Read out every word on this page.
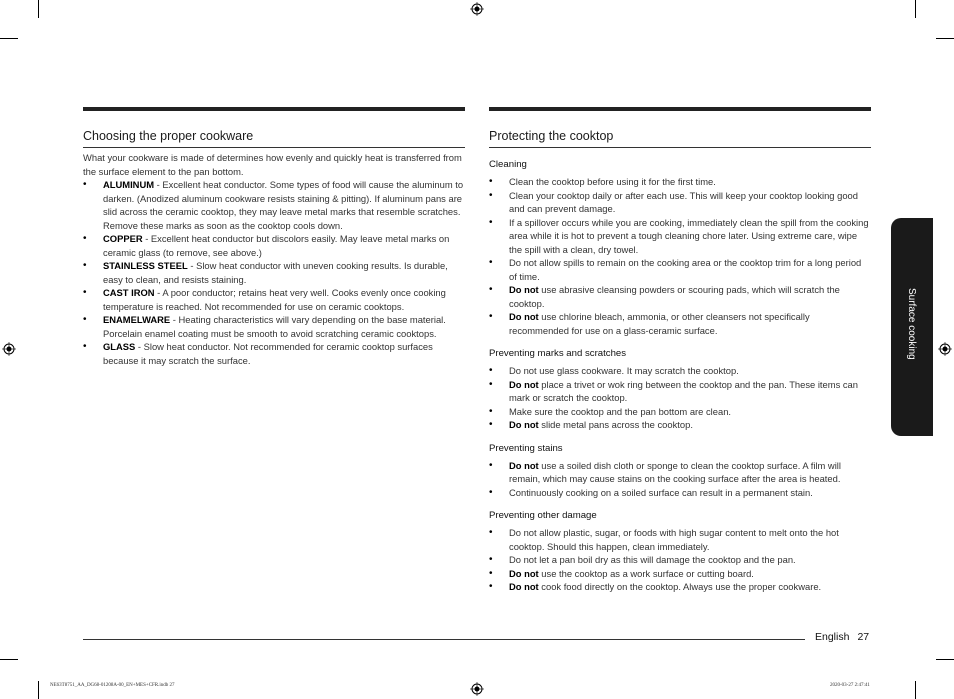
Choosing the proper cookware

What your cookware is made of determines how evenly and quickly heat is transferred from the surface element to the pan bottom.

• ALUMINUM - Excellent heat conductor. Some types of food will cause the aluminum to darken. (Anodized aluminum cookware resists staining & pitting). If aluminum pans are slid across the ceramic cooktop, they may leave metal marks that resemble scratches. Remove these marks as soon as the cooktop cools down.
• COPPER - Excellent heat conductor but discolors easily. May leave metal marks on ceramic glass (to remove, see above.)
• STAINLESS STEEL - Slow heat conductor with uneven cooking results. Is durable, easy to clean, and resists staining.
• CAST IRON - A poor conductor; retains heat very well. Cooks evenly once cooking temperature is reached. Not recommended for use on ceramic cooktops.
• ENAMELWARE - Heating characteristics will vary depending on the base material. Porcelain enamel coating must be smooth to avoid scratching ceramic cooktops.
• GLASS - Slow heat conductor. Not recommended for ceramic cooktop surfaces because it may scratch the surface.
Protecting the cooktop
Cleaning
• Clean the cooktop before using it for the first time.
• Clean your cooktop daily or after each use. This will keep your cooktop looking good and can prevent damage.
• If a spillover occurs while you are cooking, immediately clean the spill from the cooking area while it is hot to prevent a tough cleaning chore later. Using extreme care, wipe the spill with a clean, dry towel.
• Do not allow spills to remain on the cooking area or the cooktop trim for a long period of time.
• Do not use abrasive cleansing powders or scouring pads, which will scratch the cooktop.
• Do not use chlorine bleach, ammonia, or other cleansers not specifically recommended for use on a glass-ceramic surface.
Preventing marks and scratches
• Do not use glass cookware. It may scratch the cooktop.
• Do not place a trivet or wok ring between the cooktop and the pan. These items can mark or scratch the cooktop.
• Make sure the cooktop and the pan bottom are clean.
• Do not slide metal pans across the cooktop.
Preventing stains
• Do not use a soiled dish cloth or sponge to clean the cooktop surface. A film will remain, which may cause stains on the cooking surface after the area is heated.
• Continuously cooking on a soiled surface can result in a permanent stain.
Preventing other damage
• Do not allow plastic, sugar, or foods with high sugar content to melt onto the hot cooktop. Should this happen, clean immediately.
• Do not let a pan boil dry as this will damage the cooktop and the pan.
• Do not use the cooktop as a work surface or cutting board.
• Do not cook food directly on the cooktop. Always use the proper cookware.
Surface cooking
English 27
NE63T8751_AA_DG68-01208A-00_EN+MES+CFR.indb 27	2020-03-27 2:47:41
